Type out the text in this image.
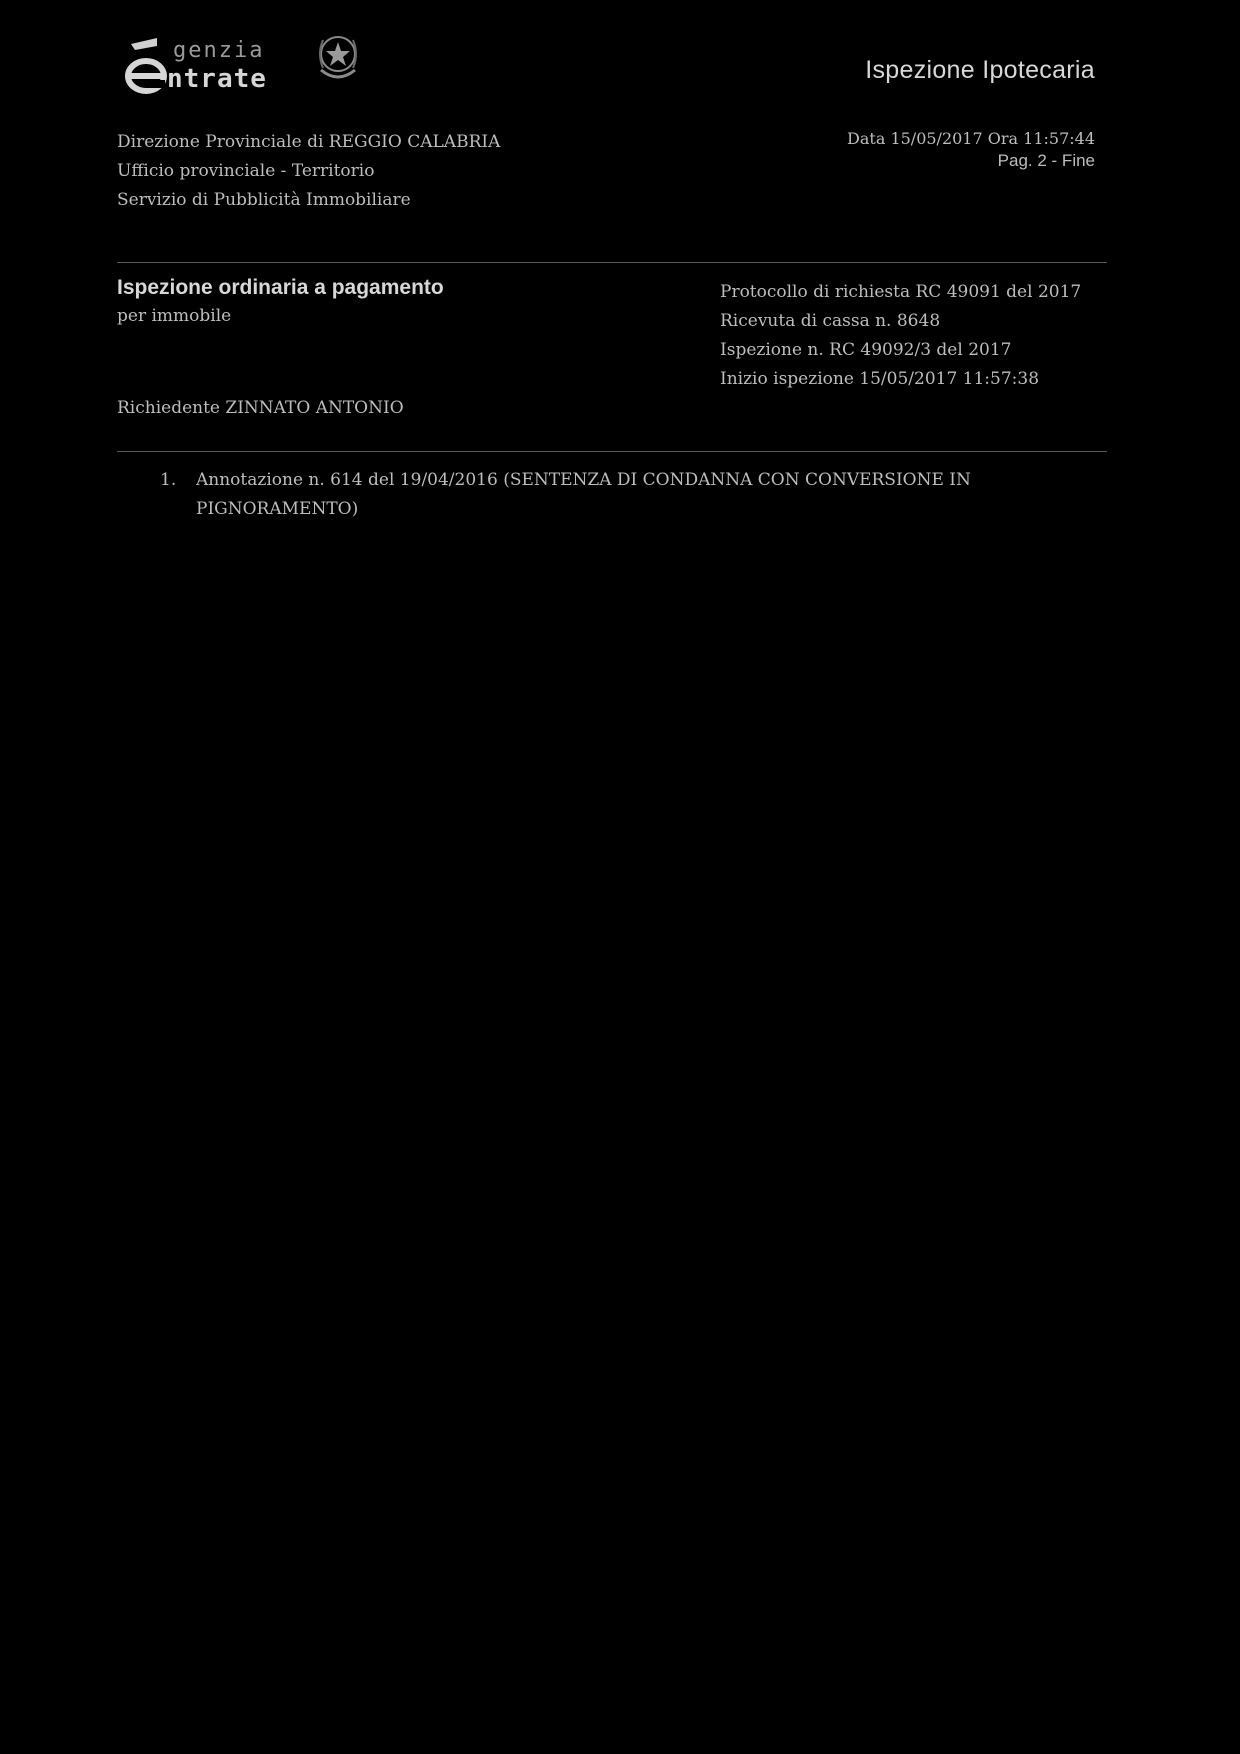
genzia
ntrate	Ispezione Ipotecaria
Direzione Provinciale di REGGIO CALABRIA
Ufficio provinciale - Territorio
Servizio di Pubblicità Immobiliare
Data 15/05/2017 Ora 11:57:44
Pag. 2 - Fine
Ispezione ordinaria a pagamento
per immobile
Richiedente ZINNATO ANTONIO
Protocollo di richiesta RC 49091 del 2017
Ricevuta di cassa n. 8648
Ispezione n. RC 49092/3 del 2017
Inizio ispezione 15/05/2017 11:57:38
1.	Annotazione n. 614 del 19/04/2016 (SENTENZA DI CONDANNA CON CONVERSIONE IN PIGNORAMENTO)
